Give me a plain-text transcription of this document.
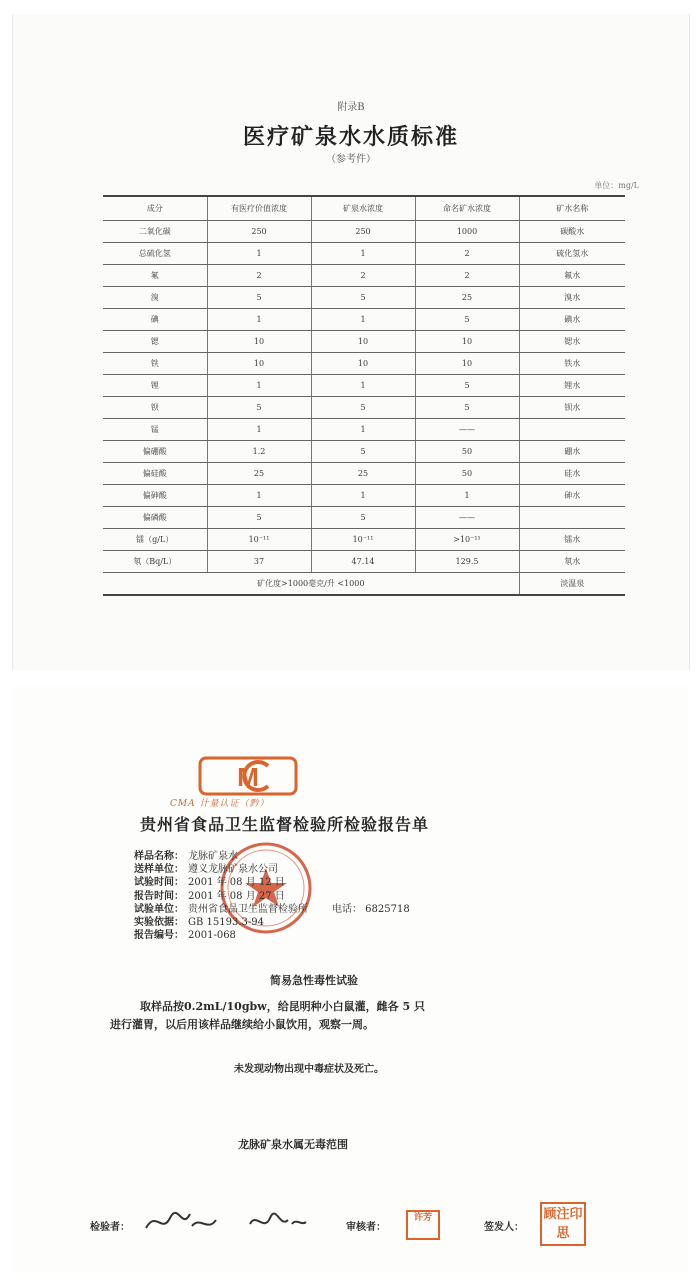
附录B
医疗矿泉水水质标准
（参考件）
单位：mg/L
成分	有医疗价值浓度	矿泉水浓度	命名矿水浓度	矿水名称
二氧化碳	250	250	1000	碳酸水
总硫化氢	1	1	2	硫化氢水
氟	2	2	2	氟水
溴	5	5	25	溴水
碘	1	1	5	碘水
锶	10	10	10	锶水
铁	10	10	10	铁水
锂	1	1	5	锂水
钡	5	5	5	钡水
锰	1	1	——	
偏硼酸	1.2	5	50	硼水
偏硅酸	25	25	50	硅水
偏砷酸	1	1	1	砷水
偏磷酸	5	5	——	
镭（g/L）	10⁻¹¹	10⁻¹¹	>10⁻¹¹	镭水
氡（Bq/L）	37	47.14	129.5	氡水
矿化度>1000毫克/升 <1000				淡温泉
M
CMA 计量认证（黔）
贵州省食品卫生监督检验所检验报告单
样品名称： 龙脉矿泉水
送样单位： 遵义龙脉矿泉水公司
试验时间： 2001 年 08 月 12 日
报告时间： 2001 年 08 月 27 日
试验单位： 贵州省食品卫生监督检验所 电话： 6825718
实验依据： GB 15193.3-94
报告编号： 2001-068
简易急性毒性试验
取样品按0.2mL/10gbw，给昆明种小白鼠灌，雌各 5 只
进行灌胃，以后用该样品继续给小鼠饮用，观察一周。
未发现动物出现中毒症状及死亡。
龙脉矿泉水属无毒范围
检验者：	审核者：
许芳
签发人：
顾注印思
